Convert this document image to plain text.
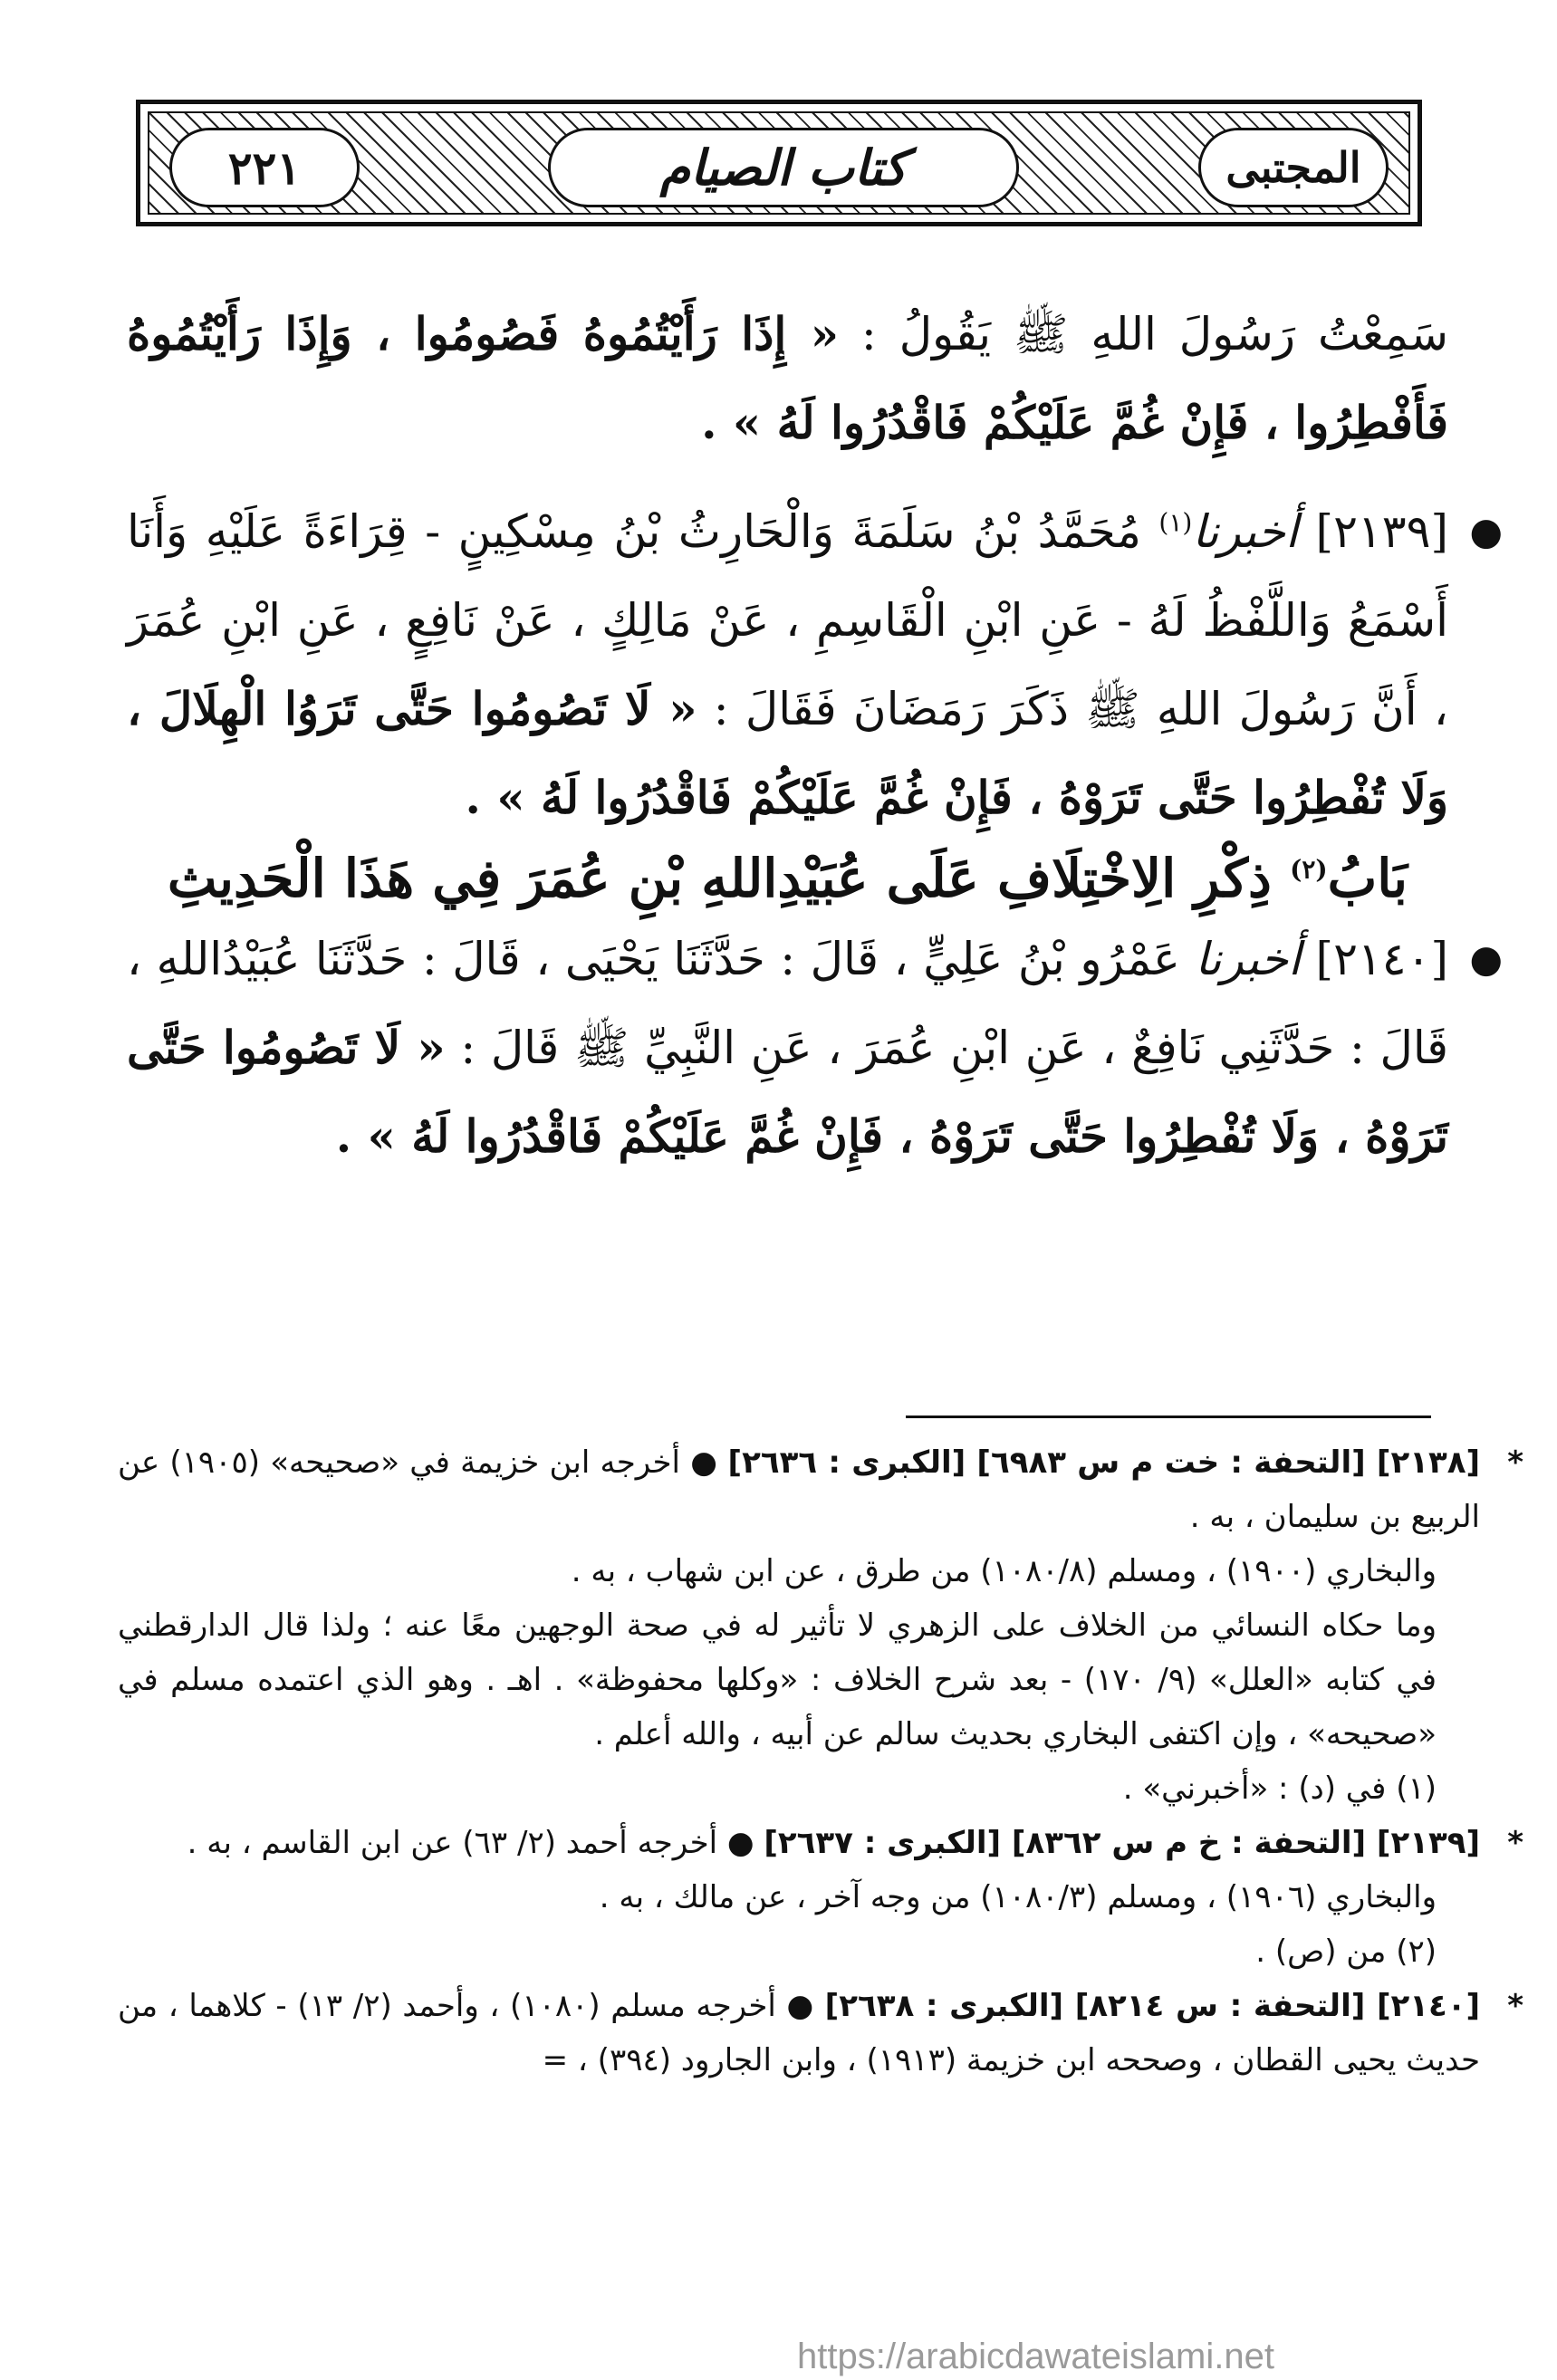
٢٢١	كتاب الصيام	المجتبى

سَمِعْتُ رَسُولَ اللهِ ﷺ يَقُولُ : « إِذَا رَأَيْتُمُوهُ فَصُومُوا ، وَإِذَا رَأَيْتُمُوهُ فَأَفْطِرُوا ، فَإِنْ غُمَّ عَلَيْكُمْ فَاقْدُرُوا لَهُ » .

●
[٢١٣٩] أخبرنا$^{(١)}$ مُحَمَّدُ بْنُ سَلَمَةَ وَالْحَارِثُ بْنُ مِسْكِينٍ - قِرَاءَةً عَلَيْهِ وَأَنَا أَسْمَعُ وَاللَّفْظُ لَهُ - عَنِ ابْنِ الْقَاسِمِ ، عَنْ مَالِكٍ ، عَنْ نَافِعٍ ، عَنِ ابْنِ عُمَرَ ، أَنَّ رَسُولَ اللهِ ﷺ ذَكَرَ رَمَضَانَ فَقَالَ : « لَا تَصُومُوا حَتَّى تَرَوُا الْهِلَالَ ، وَلَا تُفْطِرُوا حَتَّى تَرَوْهُ ، فَإِنْ غُمَّ عَلَيْكُمْ فَاقْدُرُوا لَهُ » .

بَابُ$^{(٢)}$ ذِكْرِ الِاخْتِلَافِ عَلَى عُبَيْدِاللهِ بْنِ عُمَرَ فِي هَذَا الْحَدِيثِ

●
[٢١٤٠] أخبرنا عَمْرُو بْنُ عَلِيٍّ ، قَالَ : حَدَّثَنَا يَحْيَى ، قَالَ : حَدَّثَنَا عُبَيْدُاللهِ ، قَالَ : حَدَّثَنِي نَافِعٌ ، عَنِ ابْنِ عُمَرَ ، عَنِ النَّبِيِّ ﷺ قَالَ : « لَا تَصُومُوا حَتَّى تَرَوْهُ ، وَلَا تُفْطِرُوا حَتَّى تَرَوْهُ ، فَإِنْ غُمَّ عَلَيْكُمْ فَاقْدُرُوا لَهُ » .

*

[٢١٣٨] [التحفة : خت م س ٦٩٨٣] [الكبرى : ٢٦٣٦] ● أخرجه ابن خزيمة في «صحيحه» (١٩٠٥) عن الربيع بن سليمان ، به .

والبخاري (١٩٠٠) ، ومسلم (١٠٨٠/٨) من طرق ، عن ابن شهاب ، به .

وما حكاه النسائي من الخلاف على الزهري لا تأثير له في صحة الوجهين معًا عنه ؛ ولذا قال الدارقطني في كتابه «العلل» (٩/ ١٧٠) - بعد شرح الخلاف : «وكلها محفوظة» . اهـ . وهو الذي اعتمده مسلم في «صحيحه» ، وإن اكتفى البخاري بحديث سالم عن أبيه ، والله أعلم .

(١) في (د) : «أخبرني» .

*

[٢١٣٩] [التحفة : خ م س ٨٣٦٢] [الكبرى : ٢٦٣٧] ● أخرجه أحمد (٢/ ٦٣) عن ابن القاسم ، به .

والبخاري (١٩٠٦) ، ومسلم (١٠٨٠/٣) من وجه آخر ، عن مالك ، به .

(٢) من (ص) .

*

[٢١٤٠] [التحفة : س ٨٢١٤] [الكبرى : ٢٦٣٨] ● أخرجه مسلم (١٠٨٠) ، وأحمد (٢/ ١٣) - كلاهما ، من حديث يحيى القطان ، وصححه ابن خزيمة (١٩١٣) ، وابن الجارود (٣٩٤) ، =

https://arabicdawateislami.net
